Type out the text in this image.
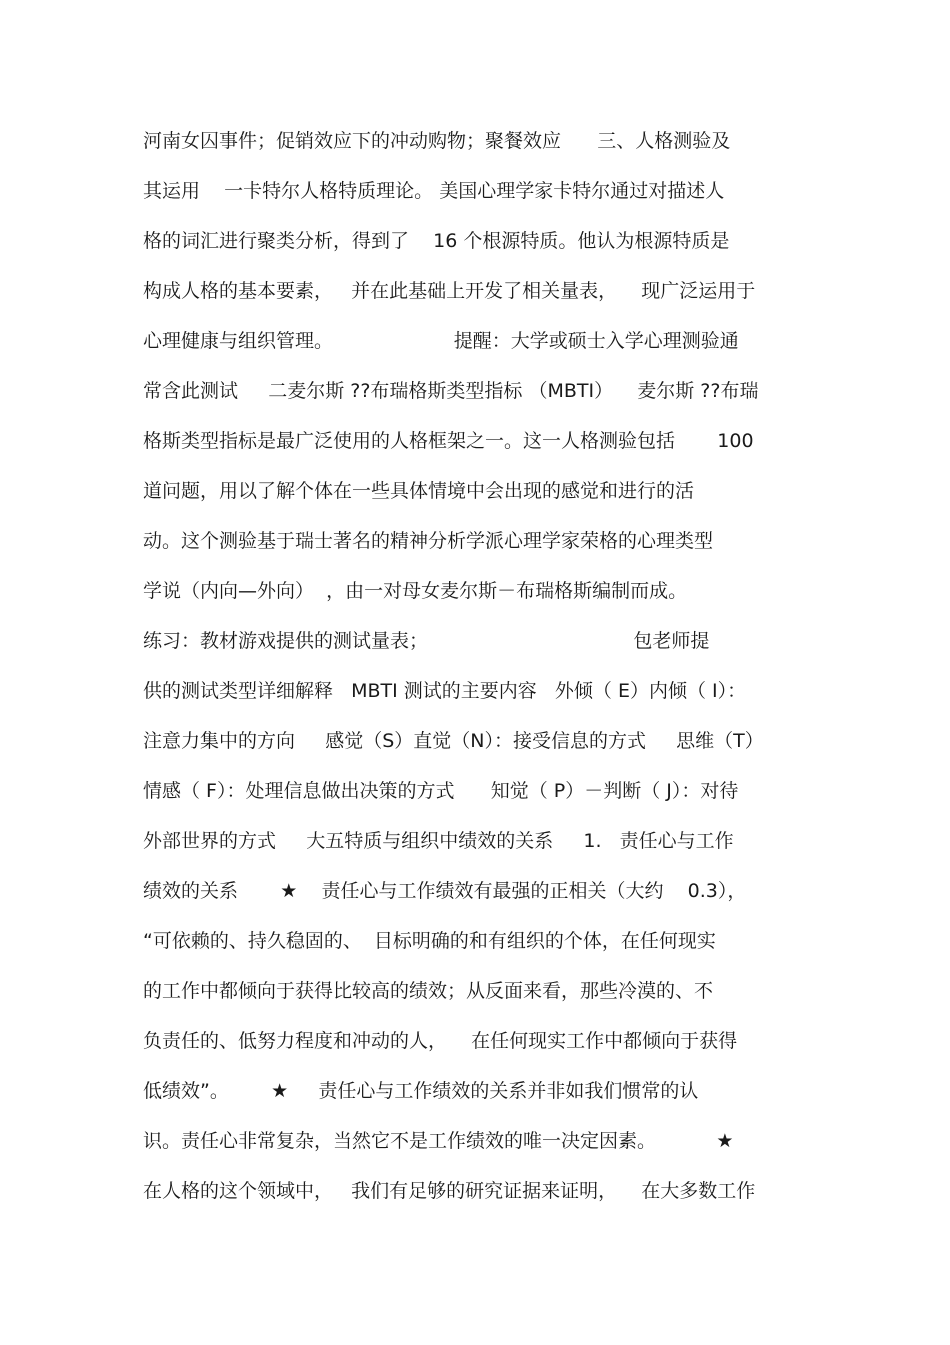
河南女囚事件；促销效应下的冲动购物；聚餐效应      三、人格测验及
其运用    一卡特尔人格特质理论。 美国心理学家卡特尔通过对描述人
格的词汇进行聚类分析，得到了    16 个根源特质。他认为根源特质是
构成人格的基本要素，   并在此基础上开发了相关量表，    现广泛运用于
心理健康与组织管理。                    提醒：大学或硕士入学心理测验通
常含此测试     二麦尔斯 ??布瑞格斯类型指标 （MBTI）    麦尔斯 ??布瑞
格斯类型指标是最广泛使用的人格框架之一。这一人格测验包括       100
道问题，用以了解个体在一些具体情境中会出现的感觉和进行的活
动。这个测验基于瑞士著名的精神分析学派心理学家荣格的心理类型
学说（内向—外向）  ，由一对母女麦尔斯－布瑞格斯编制而成。
练习：教材游戏提供的测试量表；                                  包老师提
供的测试类型详细解释   MBTI 测试的主要内容   外倾（ E）内倾（ I）：
注意力集中的方向     感觉（S）直觉（N）：接受信息的方式     思维（T）
情感（ F）：处理信息做出决策的方式      知觉（ P）－判断（ J）：对待
外部世界的方式     大五特质与组织中绩效的关系     1.   责任心与工作
绩效的关系       ★    责任心与工作绩效有最强的正相关（大约    0.3），
“可依赖的、持久稳固的、  目标明确的和有组织的个体，在任何现实
的工作中都倾向于获得比较高的绩效；从反面来看，那些冷漠的、不
负责任的、低努力程度和冲动的人，    在任何现实工作中都倾向于获得
低绩效”。       ★     责任心与工作绩效的关系并非如我们惯常的认
识。责任心非常复杂，当然它不是工作绩效的唯一决定因素。          ★
在人格的这个领域中，   我们有足够的研究证据来证明，    在大多数工作
